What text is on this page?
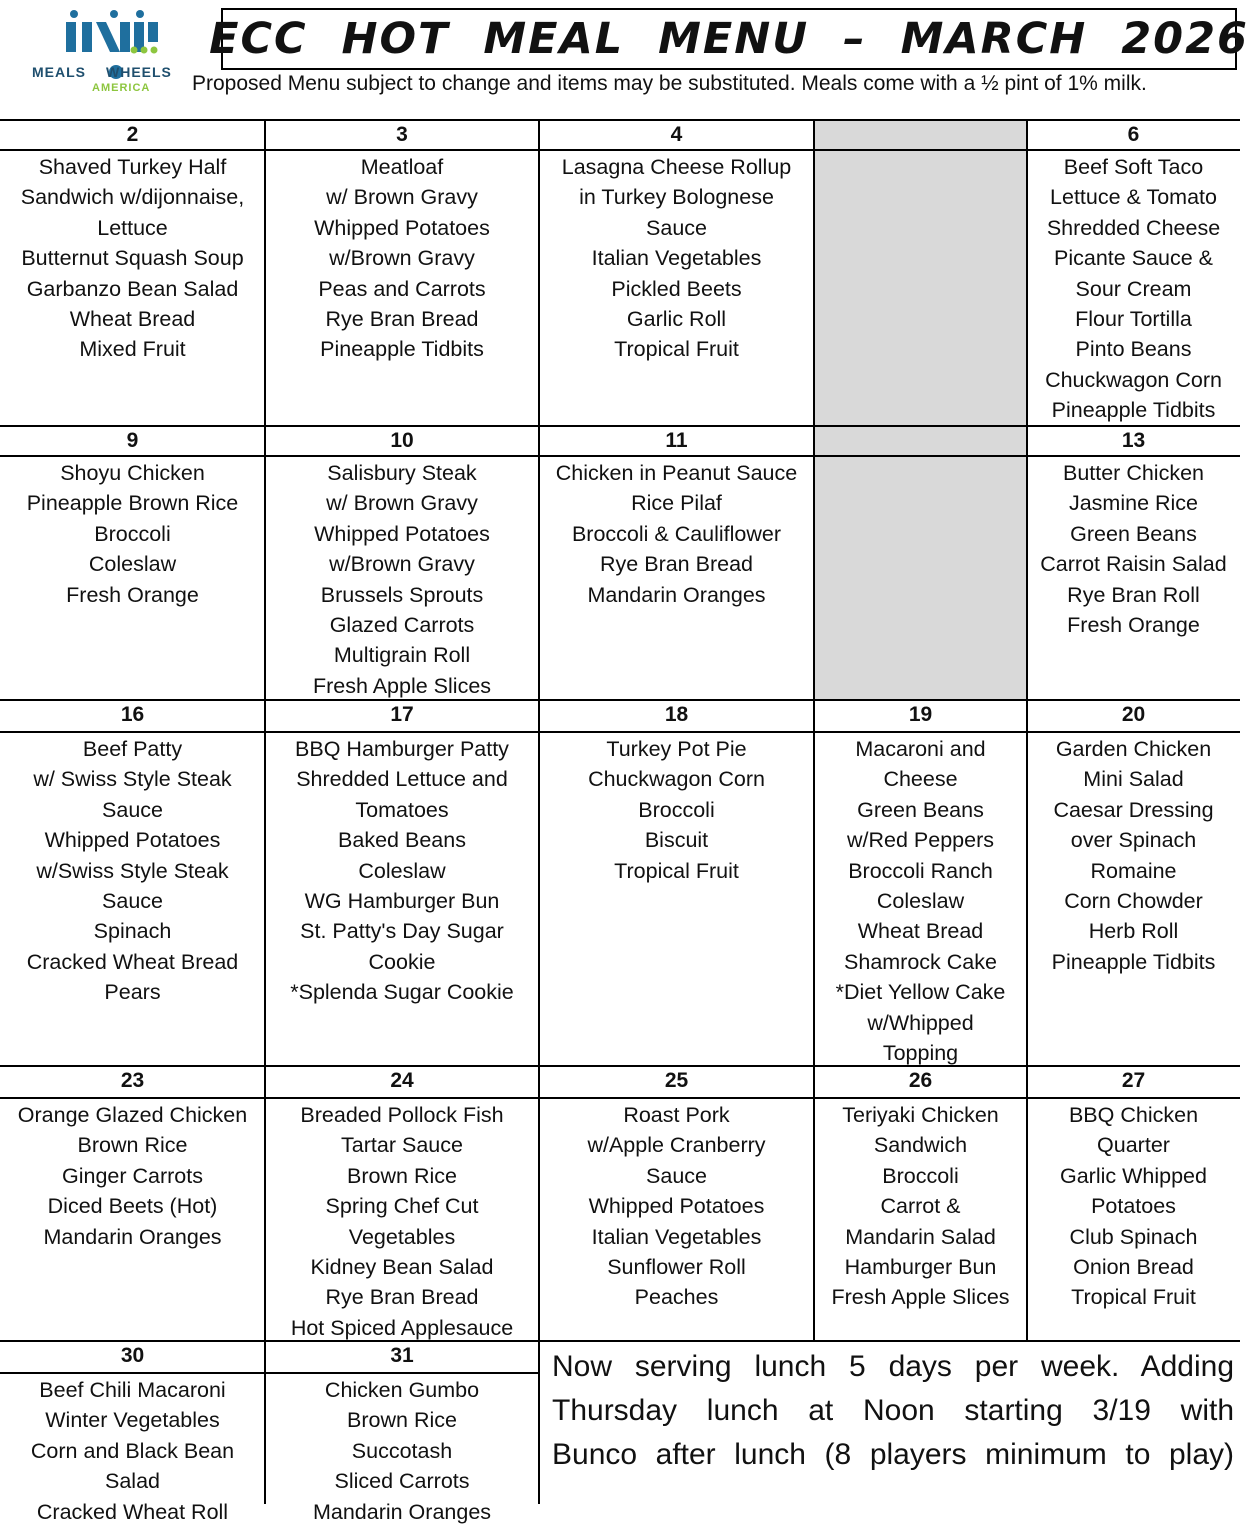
MEALS WHEELS
AMERICA
ECC  HOT  MEAL  MENU  –  MARCH  2026
Proposed Menu subject to change and items may be substituted. Meals come with a ½ pint of 1% milk.
2
Shaved Turkey Half
Sandwich w/dijonnaise,
Lettuce
Butternut Squash Soup
Garbanzo Bean Salad
Wheat Bread
Mixed Fruit
3
Meatloaf
w/ Brown Gravy
Whipped Potatoes
w/Brown Gravy
Peas and Carrots
Rye Bran Bread
Pineapple Tidbits
4
Lasagna Cheese Rollup
in Turkey Bolognese
Sauce
Italian Vegetables
Pickled Beets
Garlic Roll
Tropical Fruit
6
Beef Soft Taco
Lettuce & Tomato
Shredded Cheese
Picante Sauce &
Sour Cream
Flour Tortilla
Pinto Beans
Chuckwagon Corn
Pineapple Tidbits
9
Shoyu Chicken
Pineapple Brown Rice
Broccoli
Coleslaw
Fresh Orange
10
Salisbury Steak
w/ Brown Gravy
Whipped Potatoes
w/Brown Gravy
Brussels Sprouts
Glazed Carrots
Multigrain Roll
Fresh Apple Slices
11
Chicken in Peanut Sauce
Rice Pilaf
Broccoli & Cauliflower
Rye Bran Bread
Mandarin Oranges
13
Butter Chicken
Jasmine Rice
Green Beans
Carrot Raisin Salad
Rye Bran Roll
Fresh Orange
16
Beef Patty
w/ Swiss Style Steak
Sauce
Whipped Potatoes
w/Swiss Style Steak
Sauce
Spinach
Cracked Wheat Bread
Pears
17
BBQ Hamburger Patty
Shredded Lettuce and
Tomatoes
Baked Beans
Coleslaw
WG Hamburger Bun
St. Patty's Day Sugar
Cookie
*Splenda Sugar Cookie
18
Turkey Pot Pie
Chuckwagon Corn
Broccoli
Biscuit
Tropical Fruit
19
Macaroni and
Cheese
Green Beans
w/Red Peppers
Broccoli Ranch
Coleslaw
Wheat Bread
Shamrock Cake
*Diet Yellow Cake
w/Whipped
Topping
20
Garden Chicken
Mini Salad
Caesar Dressing
over Spinach
Romaine
Corn Chowder
Herb Roll
Pineapple Tidbits
23
Orange Glazed Chicken
Brown Rice
Ginger Carrots
Diced Beets (Hot)
Mandarin Oranges
24
Breaded Pollock Fish
Tartar Sauce
Brown Rice
Spring Chef Cut
Vegetables
Kidney Bean Salad
Rye Bran Bread
Hot Spiced Applesauce
25
Roast Pork
w/Apple Cranberry
Sauce
Whipped Potatoes
Italian Vegetables
Sunflower Roll
Peaches
26
Teriyaki Chicken
Sandwich
Broccoli
Carrot &
Mandarin Salad
Hamburger Bun
Fresh Apple Slices
27
BBQ Chicken
Quarter
Garlic Whipped
Potatoes
Club Spinach
Onion Bread
Tropical Fruit
30
Beef Chili Macaroni
Winter Vegetables
Corn and Black Bean
Salad
Cracked Wheat Roll
31
Chicken Gumbo
Brown Rice
Succotash
Sliced Carrots
Mandarin Oranges
Now serving lunch 5 days per week. Adding
Thursday lunch at Noon starting 3/19 with
Bunco after lunch (8 players minimum to play)
